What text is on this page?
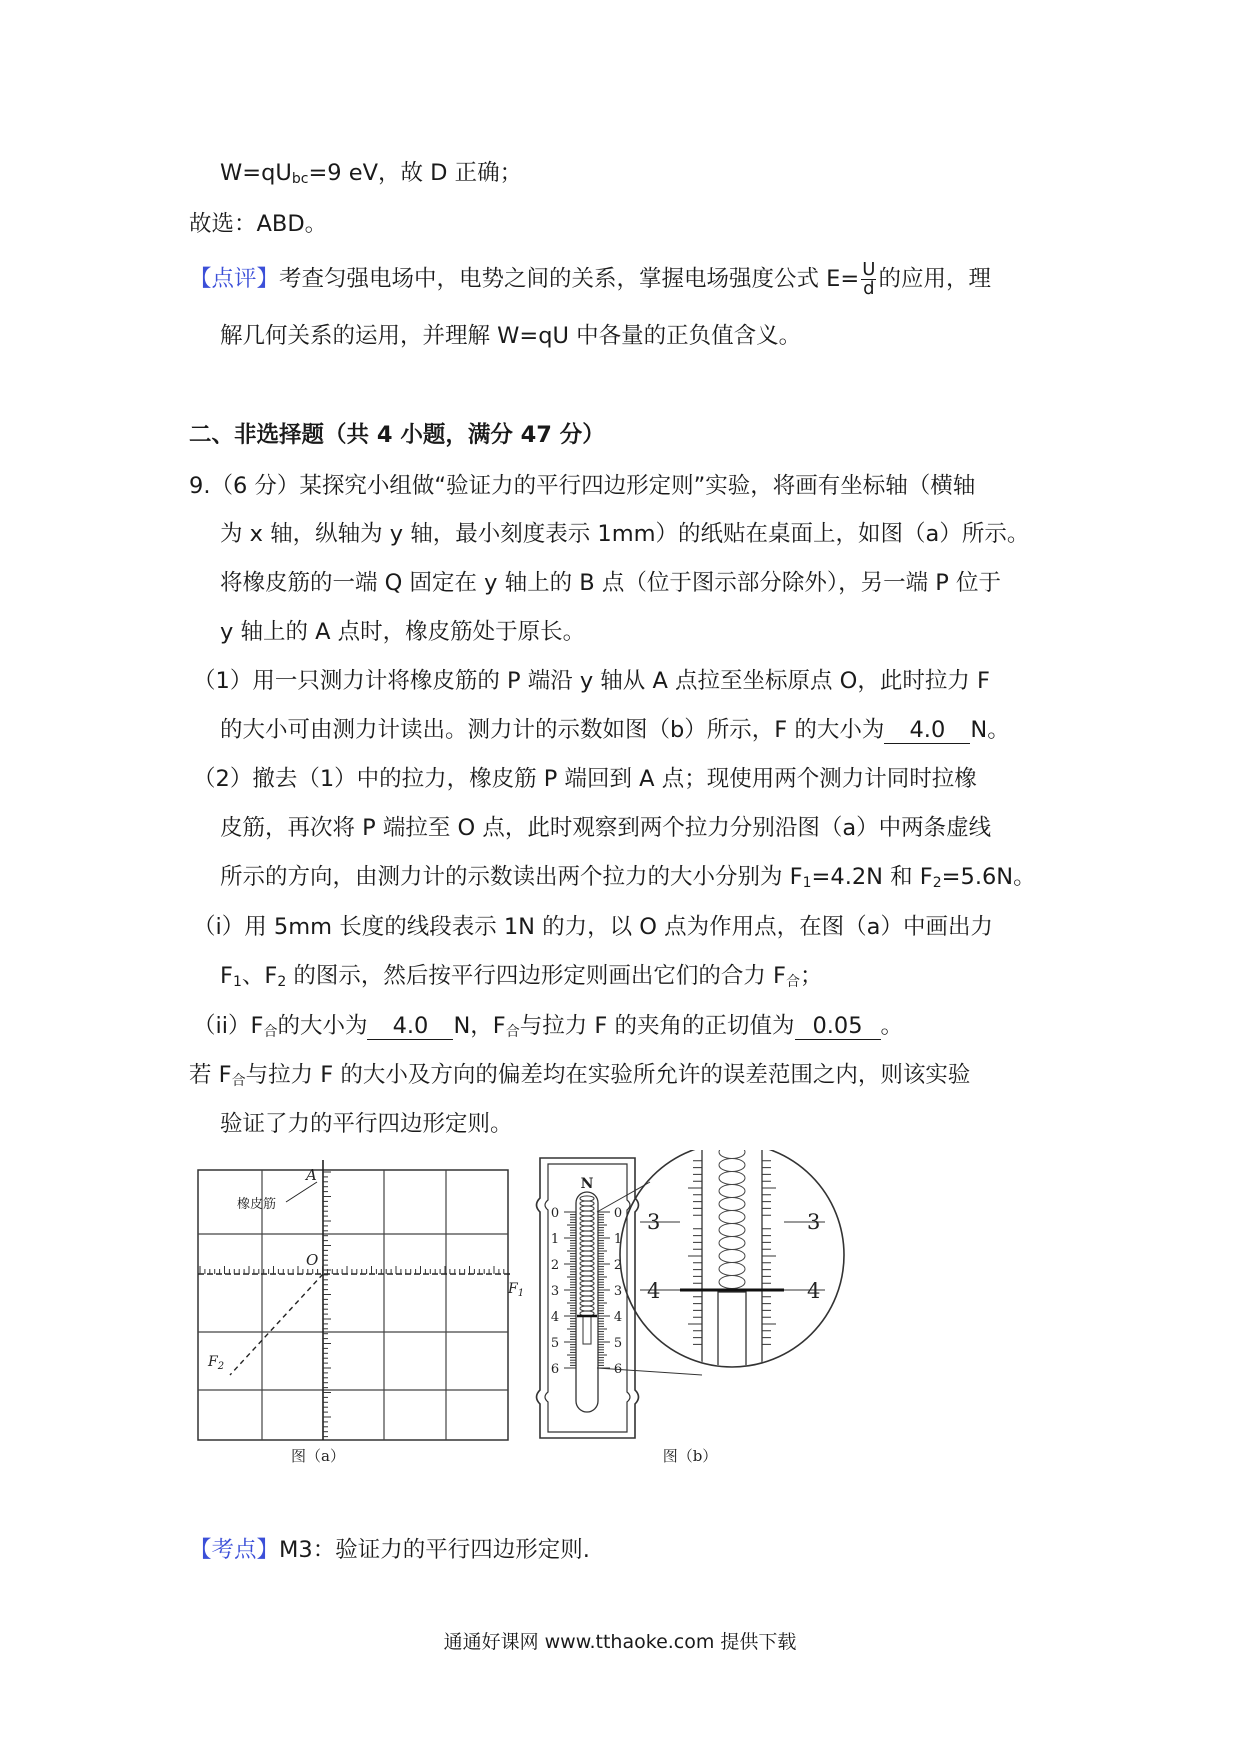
$W=qU_{bc}=9$ eV，故 D 正确；
故选：ABD。
【点评】考查匀强电场中，电势之间的关系，掌握电场强度公式 $E= \frac{U}{d}$ 的应用，理
解几何关系的运用，并理解 W=qU 中各量的正负值含义。
二、非选择题（共 4 小题，满分 47 分）
9.（6 分）某探究小组做“验证力的平行四边形定则”实验，将画有坐标轴（横轴
为 x 轴，纵轴为 y 轴，最小刻度表示 1mm）的纸贴在桌面上，如图（a）所示。
将橡皮筋的一端 Q 固定在 y 轴上的 B 点（位于图示部分除外），另一端 P 位于
y 轴上的 A 点时，橡皮筋处于原长。
（1）用一只测力计将橡皮筋的 P 端沿 y 轴从 A 点拉至坐标原点 O，此时拉力 F
的大小可由测力计读出。测力计的示数如图（b）所示，F 的大小为 4.0 N。
（2）撤去（1）中的拉力，橡皮筋 P 端回到 A 点；现使用两个测力计同时拉橡
皮筋，再次将 P 端拉至 O 点，此时观察到两个拉力分别沿图（a）中两条虚线
所示的方向，由测力计的示数读出两个拉力的大小分别为 $F_1=4.2N$ 和 $F_2=5.6N$。
（i）用 5mm 长度的线段表示 1N 的力，以 O 点为作用点，在图（a）中画出力
$F_1$、$F_2$ 的图示，然后按平行四边形定则画出它们的合力 $F_合$；
$(ii)F_合$的大小为 4.0 N，$F_合$与拉力 F 的夹角的正切值为 0.05 。
若 $F_合$与拉力 F 的大小及方向的偏差均在实验所允许的误差范围之内，则该实验
验证了力的平行四边形定则。
橡皮筋
A
O
$F_1$
$F_2$
图（a）
N
0
1
2
3
4
5
6
0
1
2
3
4
5
3
4
3
4
图（b）
【考点】M3：验证力的平行四边形定则.
通通好课网 www.tthaoke.com 提供下载
